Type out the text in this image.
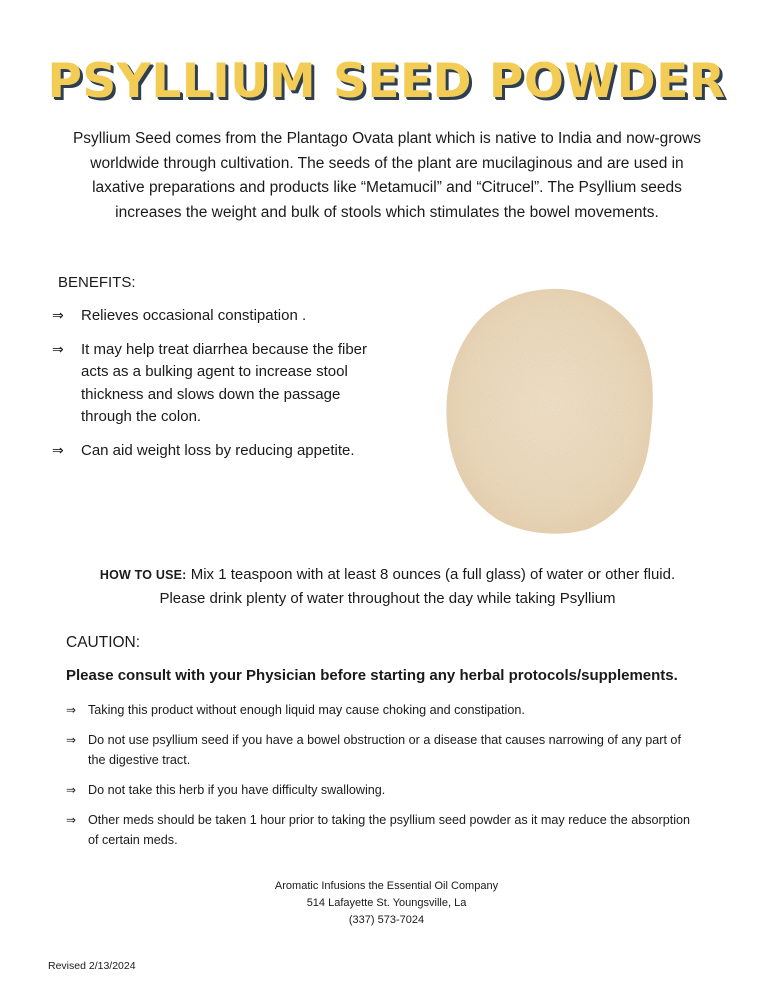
PSYLLIUM SEED POWDER

Psyllium Seed comes from the Plantago Ovata plant which is native to India and now-grows worldwide through cultivation. The seeds of the plant are mucilaginous and are used in laxative preparations and products like “Metamucil” and “Citrucel”. The Psyllium seeds increases the weight and bulk of stools which stimulates the bowel movements.

BENEFITS:
⇒ Relieves occasional constipation .
⇒ It may help treat diarrhea because the fiber acts as a bulking agent to increase stool thickness and slows down the passage through the colon.
⇒ Can aid weight loss by reducing appetite.

HOW TO USE: Mix 1 teaspoon with at least 8 ounces (a full glass) of water or other fluid. Please drink plenty of water throughout the day while taking Psyllium

CAUTION:

Please consult with your Physician before starting any herbal protocols/supplements.

⇒ Taking this product without enough liquid may cause choking and constipation.
⇒ Do not use psyllium seed if you have a bowel obstruction or a disease that causes narrowing of any part of the digestive tract.
⇒ Do not take this herb if you have difficulty swallowing.
⇒ Other meds should be taken 1 hour prior to taking the psyllium seed powder as it may reduce the absorption of certain meds.
Aromatic Infusions the Essential Oil Company
514 Lafayette St. Youngsville, La
(337) 573-7024
Revised 2/13/2024
